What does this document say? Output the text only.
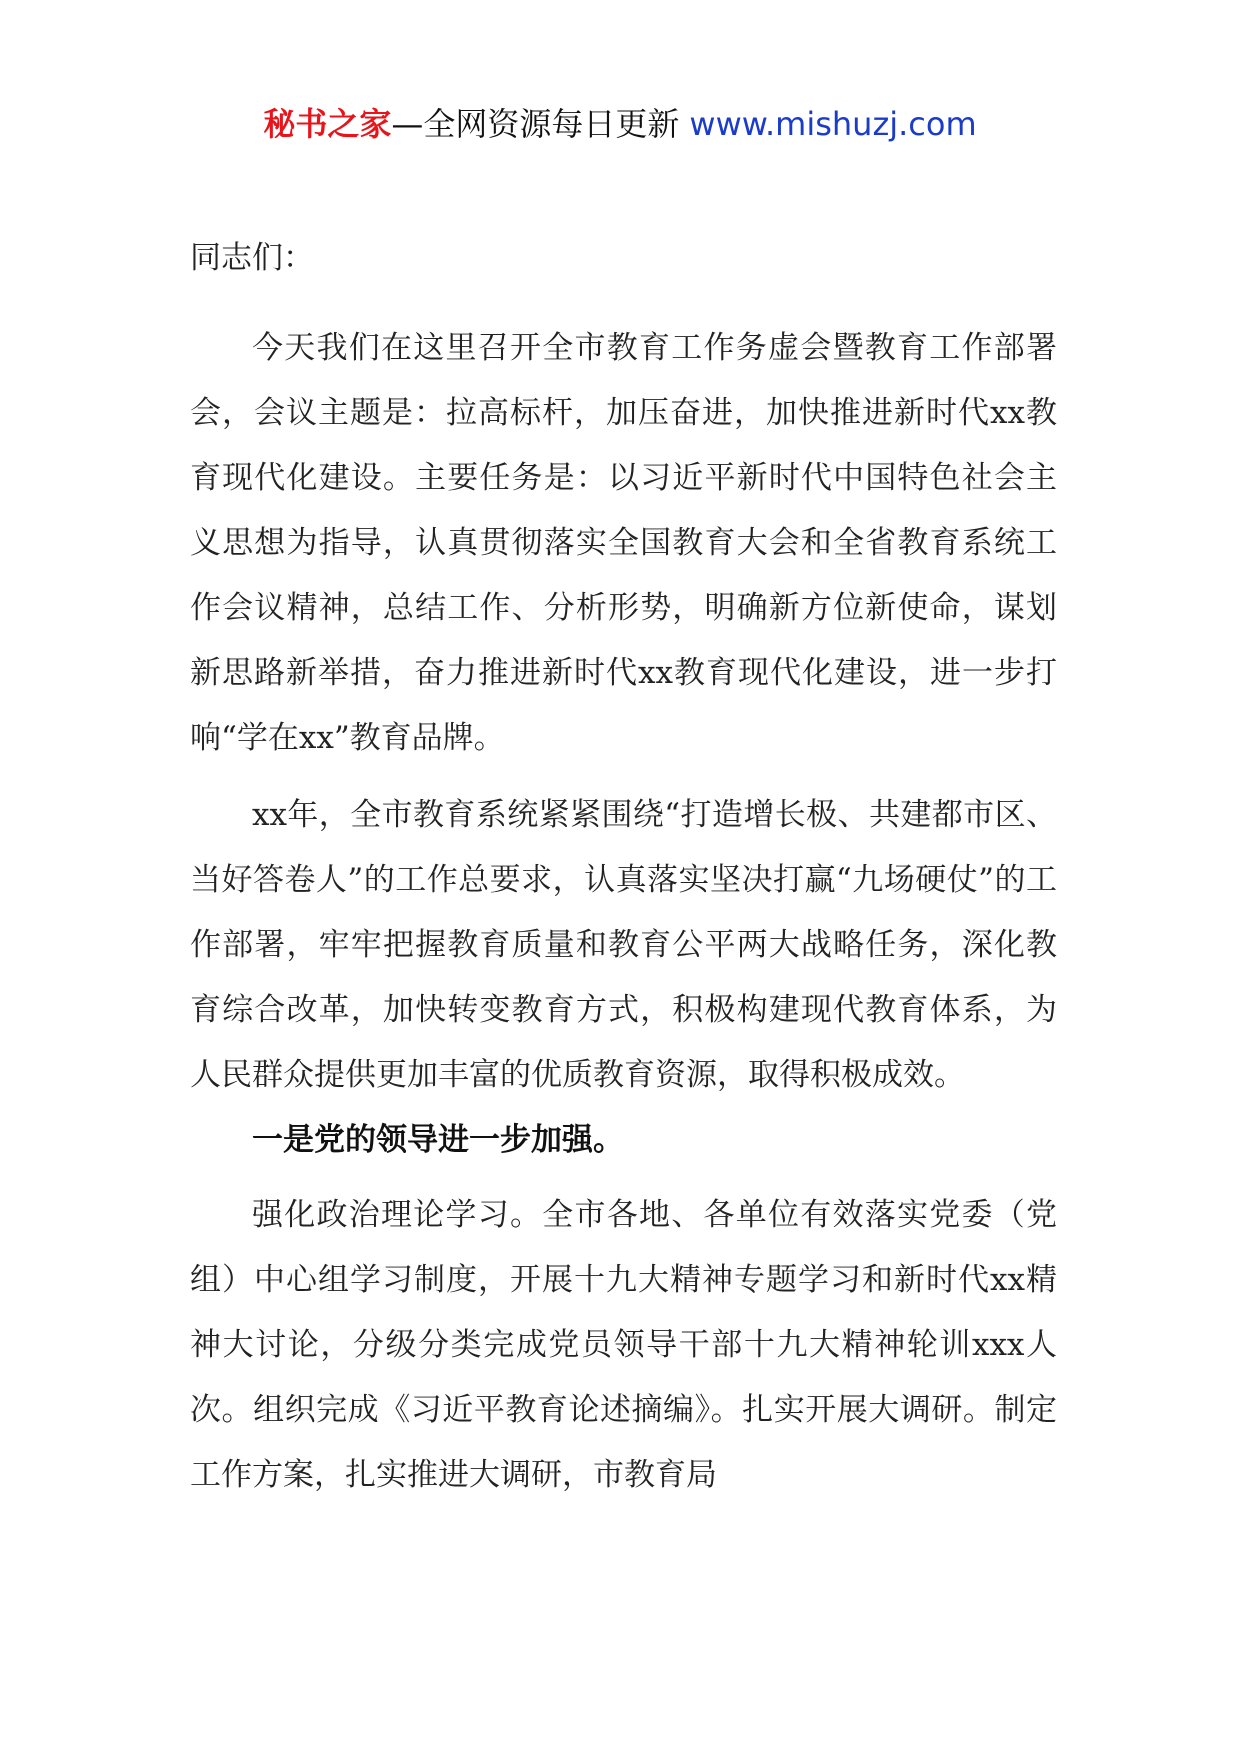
秘书之家—全网资源每日更新 www.mishuzj.com

同志们：

今天我们在这里召开全市教育工作务虚会暨教育工作部署会，会议主题是：拉高标杆，加压奋进，加快推进新时代xx教育现代化建设。主要任务是：以习近平新时代中国特色社会主义思想为指导，认真贯彻落实全国教育大会和全省教育系统工作会议精神，总结工作、分析形势，明确新方位新使命，谋划新思路新举措，奋力推进新时代xx教育现代化建设，进一步打响“学在xx”教育品牌。

xx年，全市教育系统紧紧围绕“打造增长极、共建都市区、当好答卷人”的工作总要求，认真落实坚决打赢“九场硬仗”的工作部署，牢牢把握教育质量和教育公平两大战略任务，深化教育综合改革，加快转变教育方式，积极构建现代教育体系，为人民群众提供更加丰富的优质教育资源，取得积极成效。

一是党的领导进一步加强。

强化政治理论学习。全市各地、各单位有效落实党委（党组）中心组学习制度，开展十九大精神专题学习和新时代xx精神大讨论，分级分类完成党员领导干部十九大精神轮训xxx人次。组织完成《习近平教育论述摘编》。扎实开展大调研。制定工作方案，扎实推进大调研，市教育局
